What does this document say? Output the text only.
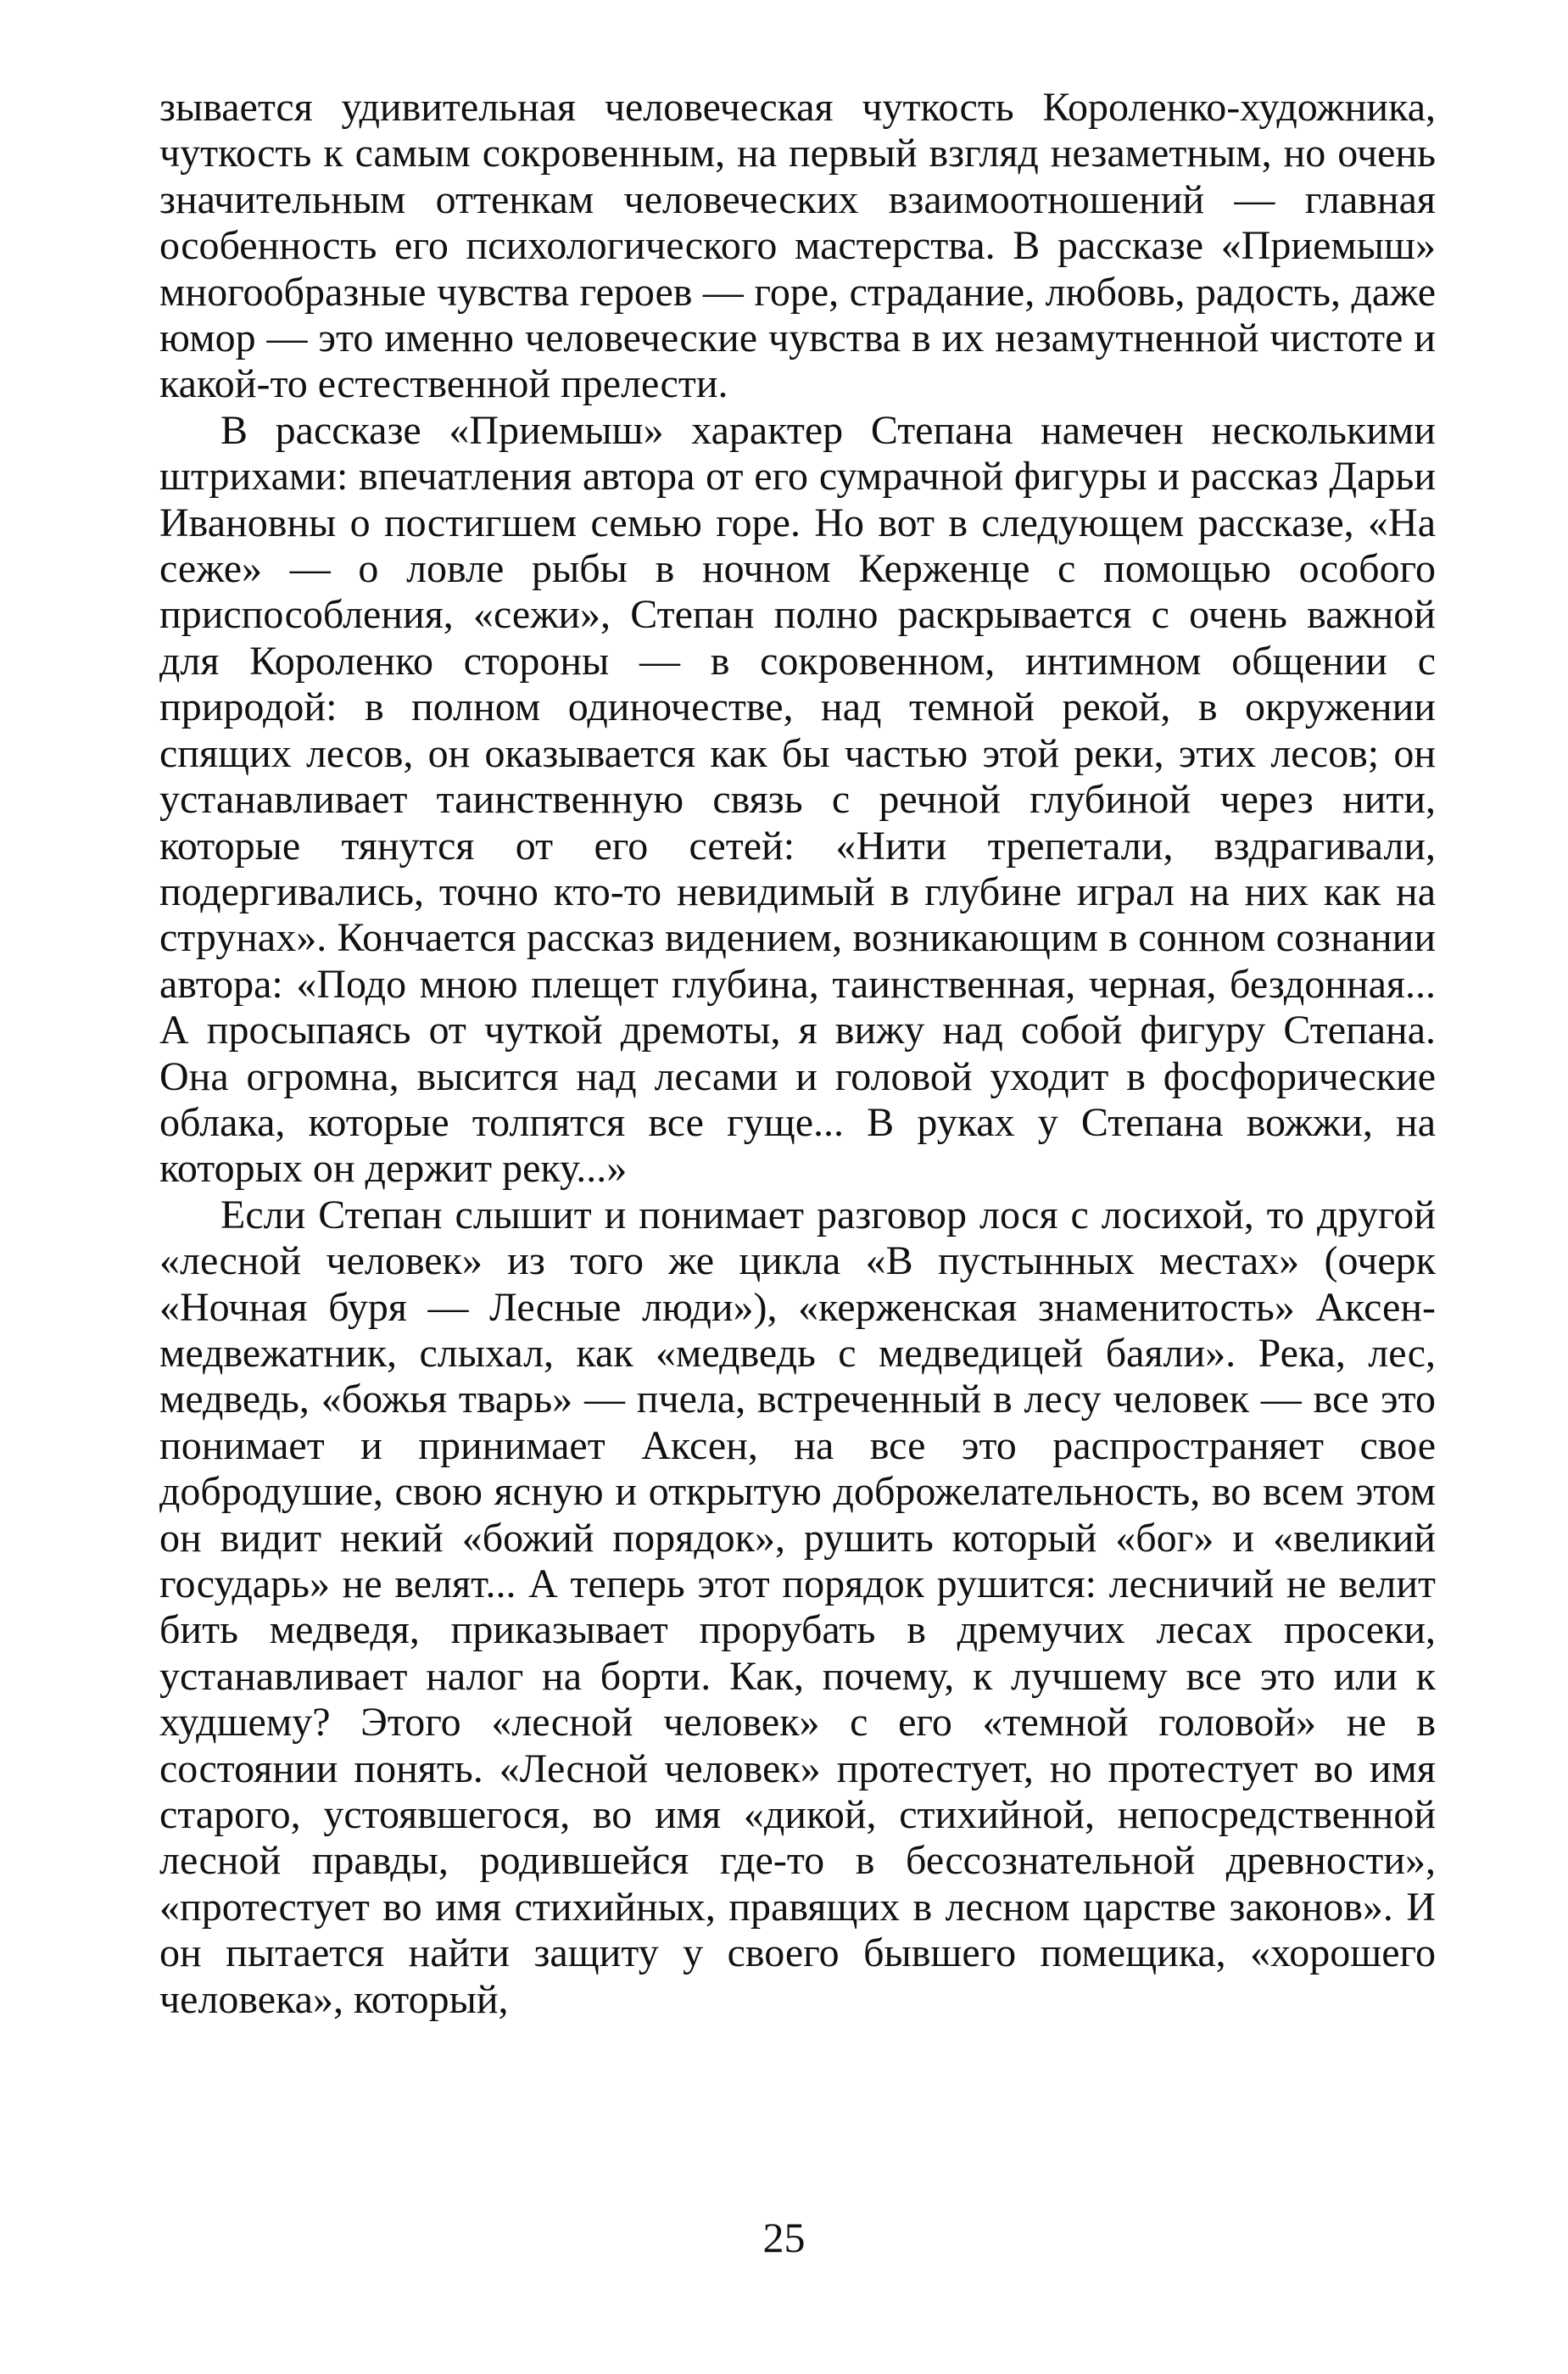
зывается удивительная человеческая чуткость Короленко-художника, чуткость к самым сокровенным, на первый взгляд незаметным, но очень значительным оттенкам человеческих взаимоотношений — главная особенность его психологического мастерства. В рассказе «Приемыш» многообразные чувства героев — горе, страдание, любовь, радость, даже юмор — это именно человеческие чувства в их незамутненной чистоте и какой-то естественной прелести.

В рассказе «Приемыш» характер Степана намечен несколькими штрихами: впечатления автора от его сумрачной фигуры и рассказ Дарьи Ивановны о постигшем семью горе. Но вот в следующем рассказе, «На сеже» — о ловле рыбы в ночном Керженце с помощью особого приспособления, «сежи», Степан полно раскрывается с очень важной для Короленко стороны — в сокровенном, интимном общении с природой: в полном одиночестве, над темной рекой, в окружении спящих лесов, он оказывается как бы частью этой реки, этих лесов; он устанавливает таинственную связь с речной глубиной через нити, которые тянутся от его сетей: «Нити трепетали, вздрагивали, подергивались, точно кто-то невидимый в глубине играл на них как на струнах». Кончается рассказ видением, возникающим в сонном сознании автора: «Подо мною плещет глубина, таинственная, черная, бездонная... А просыпаясь от чуткой дремоты, я вижу над собой фигуру Степана. Она огромна, высится над лесами и головой уходит в фосфорические облака, которые толпятся все гуще... В руках у Степана вожжи, на которых он держит реку...»

Если Степан слышит и понимает разговор лося с лосихой, то другой «лесной человек» из того же цикла «В пустынных местах» (очерк «Ночная буря — Лесные люди»), «керженская знаменитость» Аксен-медвежатник, слыхал, как «медведь с медведицей баяли». Река, лес, медведь, «божья тварь» — пчела, встреченный в лесу человек — все это понимает и принимает Аксен, на все это распространяет свое добродушие, свою ясную и открытую доброжелательность, во всем этом он видит некий «божий порядок», рушить который «бог» и «великий государь» не велят... А теперь этот порядок рушится: лесничий не велит бить медведя, приказывает прорубать в дремучих лесах просеки, устанавливает налог на борти. Как, почему, к лучшему все это или к худшему? Этого «лесной человек» с его «темной головой» не в состоянии понять. «Лесной человек» протестует, но протестует во имя старого, устоявшегося, во имя «дикой, стихийной, непосредственной лесной правды, родившейся где-то в бессознательной древности», «протестует во имя стихийных, правящих в лесном царстве законов». И он пытается найти защиту у своего бывшего помещика, «хорошего человека», который,

25
